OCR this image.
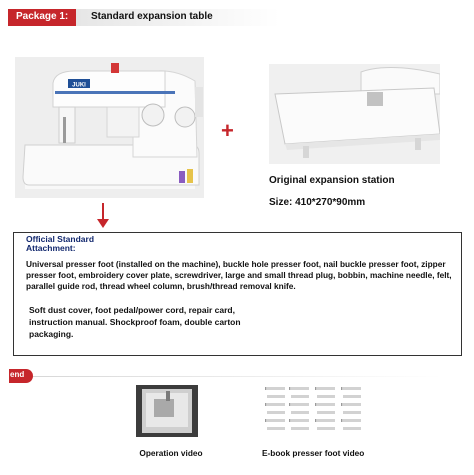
Package 1: Standard expansion table
JUKI
+
Original expansion station
Size: 410*270*90mm
Official Standard Attachment:
Universal presser foot (installed on the machine), buckle hole presser foot, nail buckle presser foot, zipper presser foot, embroidery cover plate, screwdriver, large and small thread plug, bobbin, machine needle, felt, parallel guide rod, thread wheel column, brush/thread removal knife.
Soft dust cover, foot pedal/power cord, repair card, instruction manual. Shockproof foam, double carton packaging.
end
Operation video	E-book presser foot video
